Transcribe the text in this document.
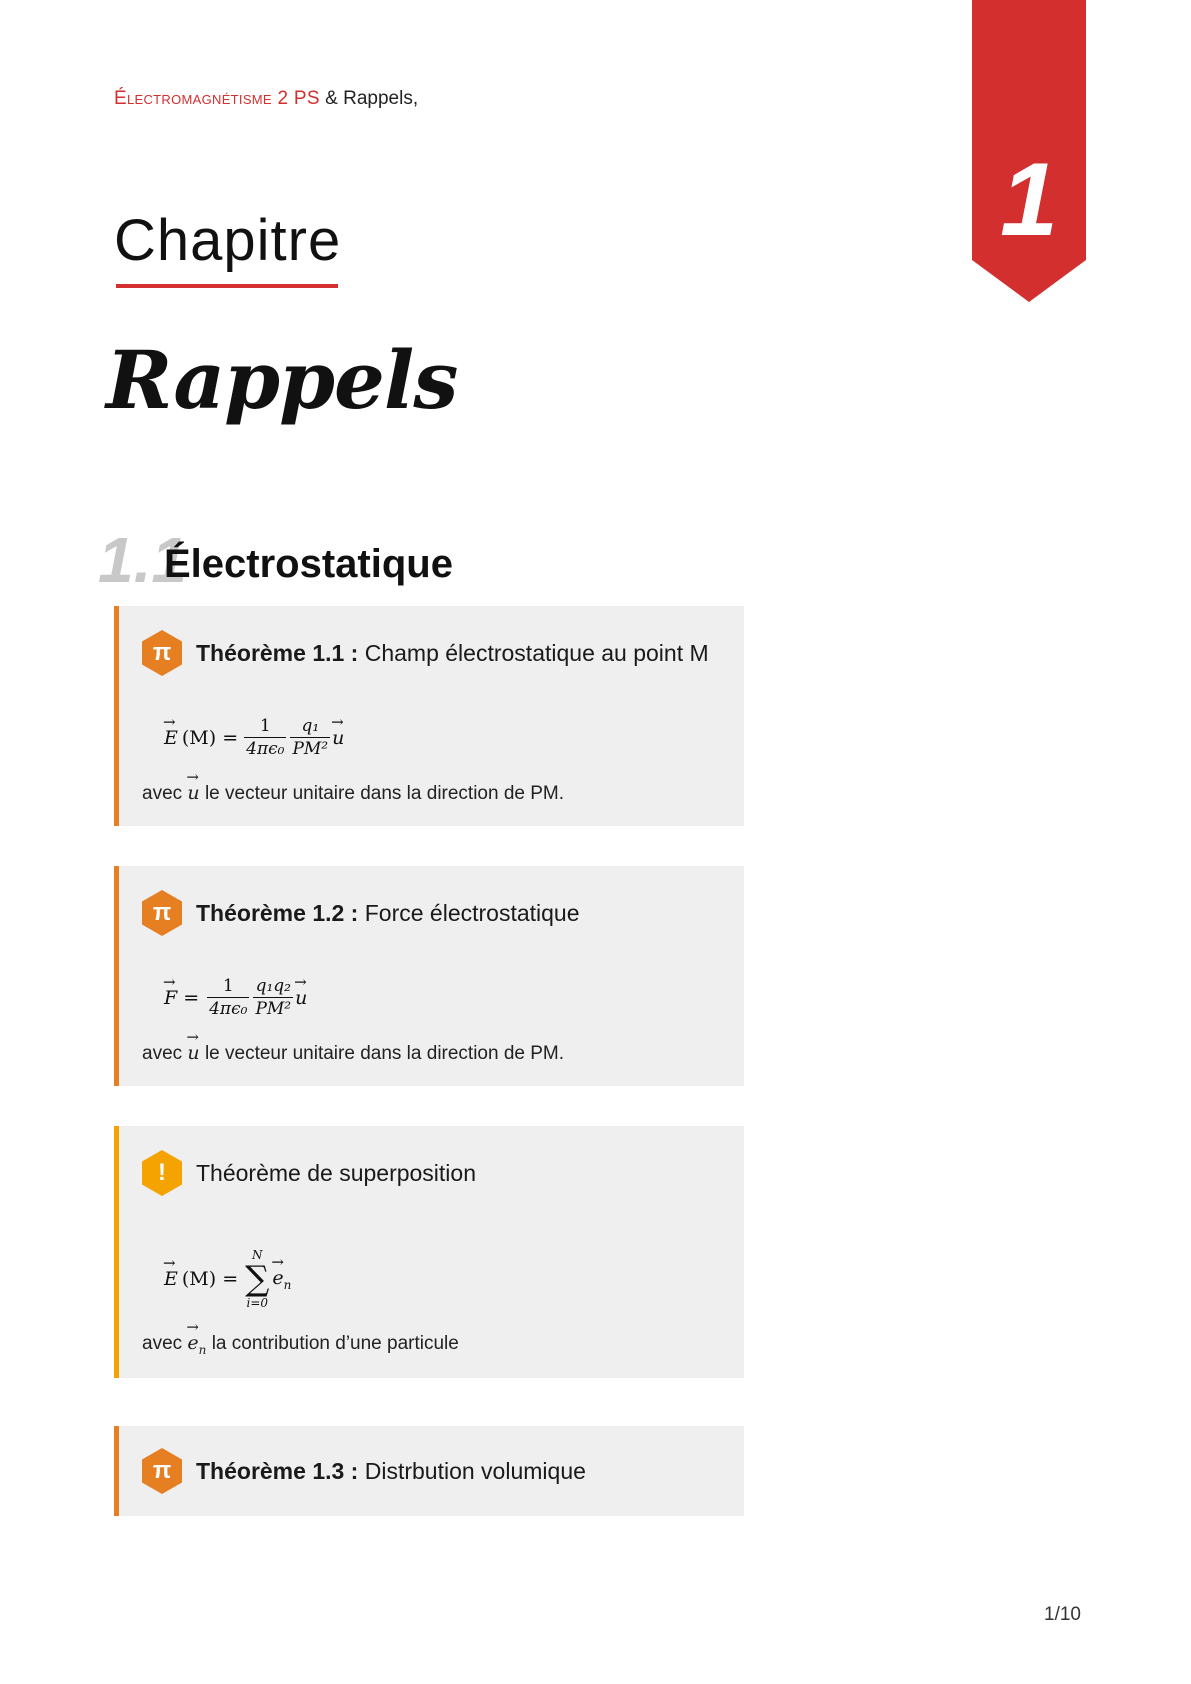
Électromagnétisme 2 PS & Rappels,
1
Chapitre
Rappels
1.1
Électrostatique
π	Théorème 1.1 : Champ électrostatique au point M
→ E $(M) = \frac{1}{\text{4πϵ₀}} \frac{\text{q₁}}{\text{PM²}}$
→ u
avec → u le vecteur unitaire dans la direction de PM.
π	Théorème 1.2 : Force électrostatique
→ $F = \frac{1}{\text{4πϵ₀}} \frac{\text{q₁q₂}}{\text{PM²}}$
→ u
avec → u le vecteur unitaire dans la direction de PM.
!	Théorème de superposition
→ E (M) =
N
∑
i=0
→ $e_n$
avec → $e_n$ la contribution d’une particule
π	Théorème 1.3 : Distrbution volumique
1/10
